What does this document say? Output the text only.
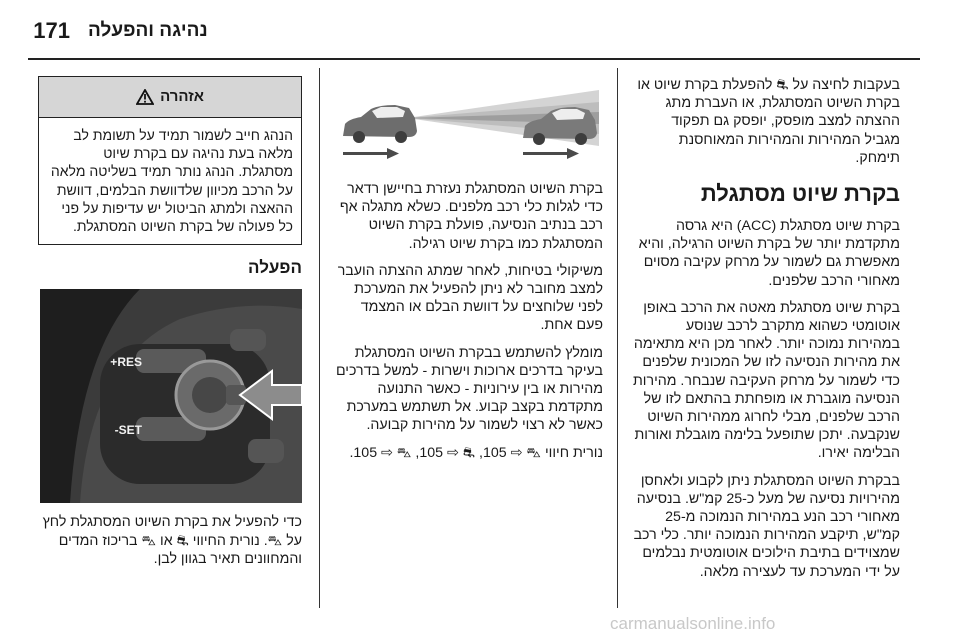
171 נהיגה והפעלה

בעקבות לחיצה על ⛐ להפעלת בקרת שיוט או בקרת השיוט המסתגלת, או העברת מתג ההצתה למצב מופסק, יופסק גם תפקוד מגביל המהירות והמהירות המאוחסנת תימחק.

בקרת שיוט מסתגלת

בקרת שיוט מסתגלת (ACC) היא גרסה מתקדמת יותר של בקרת השיוט הרגילה, והיא מאפשרת גם לשמור על מרחק עקיבה מסוים מאחורי הרכב שלפנים.

בקרת שיוט מסתגלת מאטה את הרכב באופן אוטומטי כשהוא מתקרב לרכב שנוסע במהירות נמוכה יותר. לאחר מכן היא מתאימה את מהירות הנסיעה לזו של המכונית שלפנים כדי לשמור על מרחק העקיבה שנבחר. מהירות הנסיעה מוגברת או מופחתת בהתאם לזו של הרכב שלפנים, מבלי לחרוג ממהירות השיוט שנקבעה. יתכן שתופעל בלימה מוגבלת ואורות הבלימה יאירו.

בבקרת השיוט המסתגלת ניתן לקבוע ולאחסן מהירויות נסיעה של מעל כ-25 קמ"ש. בנסיעה מאחורי רכב הנע במהירות הנמוכה מ-25 קמ"ש, תיקבע המהירות הנמוכה יותר. כלי רכב שמצוידים בתיבת הילוכים אוטומטית נבלמים על ידי המערכת עד לעצירה מלאה.

בקרת השיוט המסתגלת נעזרת בחיישן רדאר כדי לגלות כלי רכב מלפנים. כשלא מתגלה אף רכב בנתיב הנסיעה, פועלת בקרת השיוט המסתגלת כמו בקרת שיוט רגילה.

משיקולי בטיחות, לאחר שמתג ההצתה הועבר למצב מחובר לא ניתן להפעיל את המערכת לפני שלוחצים על דוושת הבלם או המצמד פעם אחת.

מומלץ להשתמש בבקרת השיוט המסתגלת בעיקר בדרכים ארוכות וישרות - למשל בדרכים מהירות או בין עירוניות - כאשר התנועה מתקדמת בקצב קבוע. אל תשתמש במערכת כאשר לא רצוי לשמור על מהירות קבועה.

נורית חיווי ⛍ ⇨ 105, ⛐ ⇨ 105, ⛍ ⇨ 105.

אזהרה
הנהג חייב לשמור תמיד על תשומת לב מלאה בעת נהיגה עם בקרת שיוט מסתגלת. הנהג נותר תמיד בשליטה מלאה על הרכב מכיוון שלדוושת הבלמים, דוושת ההאצה ולמתג הביטול יש עדיפות על פני כל פעולה של בקרת השיוט המסתגלת.
הפעלה
RES+
SET-

כדי להפעיל את בקרת השיוט המסתגלת לחץ על ⛍. נורית החיווי ⛐ או ⛍ בריכוז המדים והמחוונים תאיר בגוון לבן.

carmanualsonline.info
